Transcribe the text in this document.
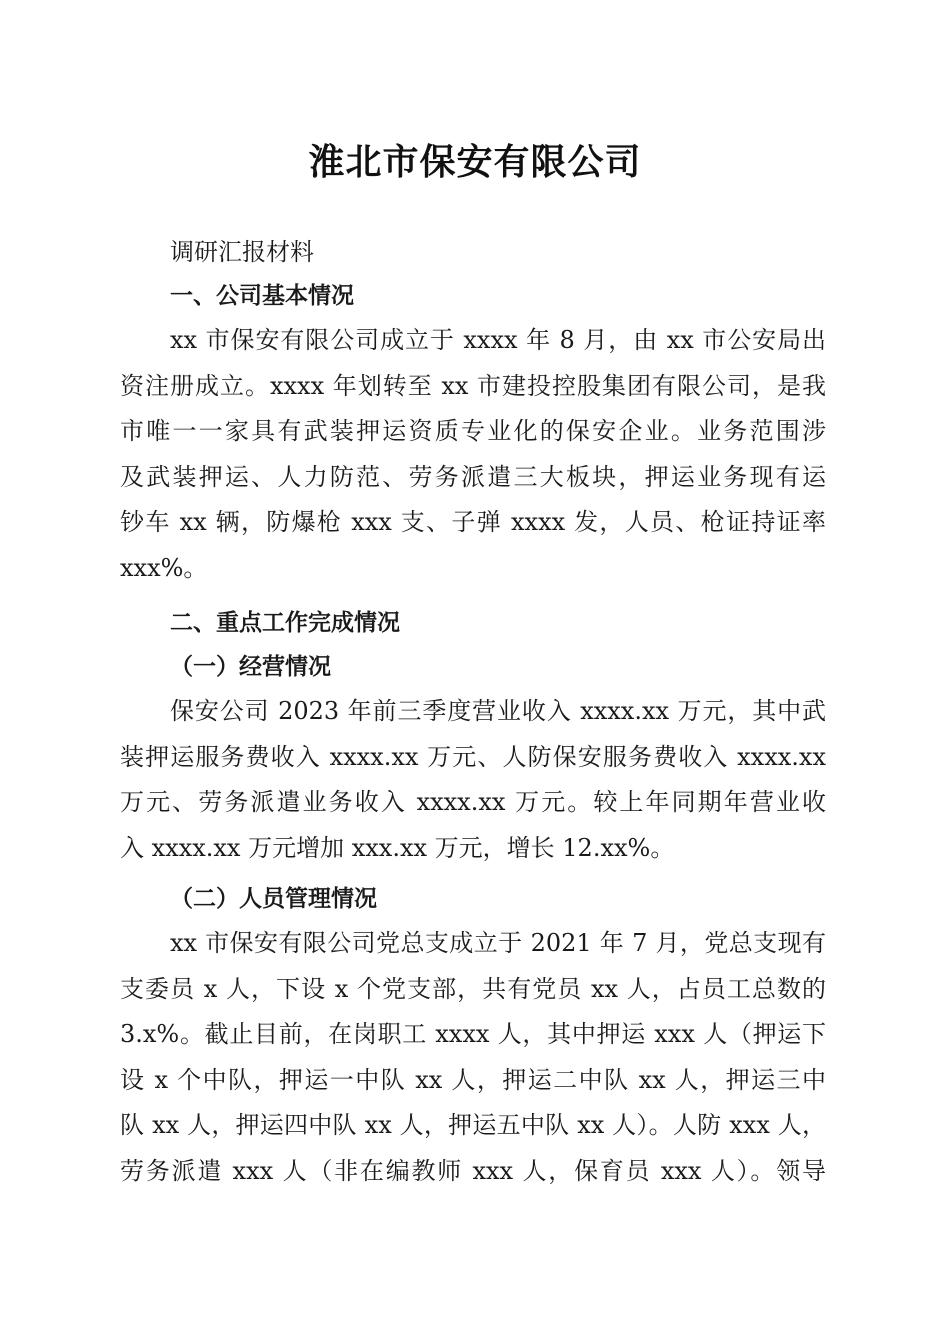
淮北市保安有限公司

调研汇报材料

一、公司基本情况
xx 市保安有限公司成立于 xxxx 年 8 月，由 xx 市公安局出
资注册成立。xxxx 年划转至 xx 市建投控股集团有限公司，是我
市唯一一家具有武装押运资质专业化的保安企业。业务范围涉
及武装押运、人力防范、劳务派遣三大板块，押运业务现有运
钞车 xx 辆，防爆枪 xxx 支、子弹 xxxx 发，人员、枪证持证率
xxx%。
二、重点工作完成情况
（一）经营情况
保安公司 2023 年前三季度营业收入 xxxx.xx 万元，其中武
装押运服务费收入 xxxx.xx 万元、人防保安服务费收入 xxxx.xx
万元、劳务派遣业务收入 xxxx.xx 万元。较上年同期年营业收
入 xxxx.xx 万元增加 xxx.xx 万元，增长 12.xx%。
（二）人员管理情况
xx 市保安有限公司党总支成立于 2021 年 7 月，党总支现有
支委员 x 人，下设 x 个党支部，共有党员 xx 人，占员工总数的
3.x%。截止目前，在岗职工 xxxx 人，其中押运 xxx 人（押运下
设 x 个中队，押运一中队 xx 人，押运二中队 xx 人，押运三中
队 xx 人，押运四中队 xx 人，押运五中队 xx 人）。人防 xxx 人，
劳务派遣 xxx 人（非在编教师 xxx 人，保育员 xxx 人）。领导
